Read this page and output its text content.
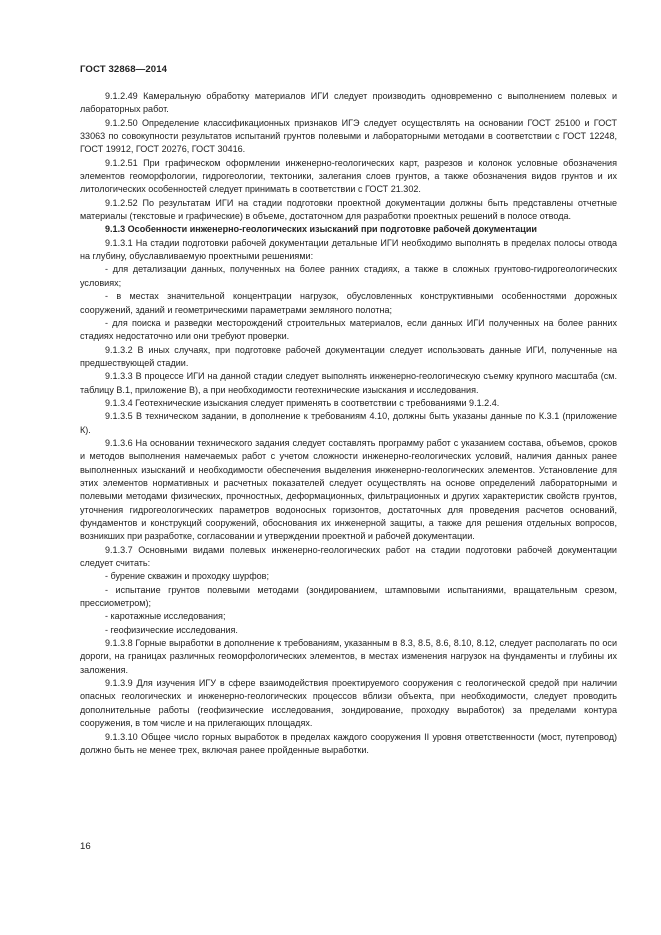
ГОСТ 32868—2014

9.1.2.49 Камеральную обработку материалов ИГИ следует производить одновременно с выполнением полевых и лабораторных работ.

9.1.2.50 Определение классификационных признаков ИГЭ следует осуществлять на основании ГОСТ 25100 и ГОСТ 33063 по совокупности результатов испытаний грунтов полевыми и лабораторными методами в соответствии с ГОСТ 12248, ГОСТ 19912, ГОСТ 20276, ГОСТ 30416.

9.1.2.51 При графическом оформлении инженерно-геологических карт, разрезов и колонок условные обозначения элементов геоморфологии, гидрогеологии, тектоники, залегания слоев грунтов, а также обозначения видов грунтов и их литологических особенностей следует принимать в соответствии с ГОСТ 21.302.

9.1.2.52 По результатам ИГИ на стадии подготовки проектной документации должны быть представлены отчетные материалы (текстовые и графические) в объеме, достаточном для разработки проектных решений в полосе отвода.

9.1.3 Особенности инженерно-геологических изысканий при подготовке рабочей документации

9.1.3.1 На стадии подготовки рабочей документации детальные ИГИ необходимо выполнять в пределах полосы отвода на глубину, обуславливаемую проектными решениями:

- для детализации данных, полученных на более ранних стадиях, а также в сложных грунтово-гидрогеологических условиях;

- в местах значительной концентрации нагрузок, обусловленных конструктивными особенностями дорожных сооружений, зданий и геометрическими параметрами земляного полотна;

- для поиска и разведки месторождений строительных материалов, если данных ИГИ полученных на более ранних стадиях недостаточно или они требуют проверки.

9.1.3.2 В иных случаях, при подготовке рабочей документации следует использовать данные ИГИ, полученные на предшествующей стадии.

9.1.3.3 В процессе ИГИ на данной стадии следует выполнять инженерно-геологическую съемку крупного масштаба (см. таблицу В.1, приложение В), а при необходимости геотехнические изыскания и исследования.

9.1.3.4 Геотехнические изыскания следует применять в соответствии с требованиями 9.1.2.4.

9.1.3.5 В техническом задании, в дополнение к требованиям 4.10, должны быть указаны данные по К.3.1 (приложение К).

9.1.3.6 На основании технического задания следует составлять программу работ с указанием состава, объемов, сроков и методов выполнения намечаемых работ с учетом сложности инженерно-геологических условий, наличия данных ранее выполненных изысканий и необходимости обеспечения выделения инженерно-геологических элементов. Установление для этих элементов нормативных и расчетных показателей следует осуществлять на основе определений лабораторными и полевыми методами физических, прочностных, деформационных, фильтрационных и других характеристик свойств грунтов, уточнения гидрогеологических параметров водоносных горизонтов, достаточных для проведения расчетов оснований, фундаментов и конструкций сооружений, обоснования их инженерной защиты, а также для решения отдельных вопросов, возникших при разработке, согласовании и утверждении проектной и рабочей документации.

9.1.3.7 Основными видами полевых инженерно-геологических работ на стадии подготовки рабочей документации следует считать:

- бурение скважин и проходку шурфов;

- испытание грунтов полевыми методами (зондированием, штамповыми испытаниями, вращательным срезом, прессиометром);

- каротажные исследования;

- геофизические исследования.

9.1.3.8 Горные выработки в дополнение к требованиям, указанным в 8.3, 8.5, 8.6, 8.10, 8.12, следует располагать по оси дороги, на границах различных геоморфологических элементов, в местах изменения нагрузок на фундаменты и глубины их заложения.

9.1.3.9 Для изучения ИГУ в сфере взаимодействия проектируемого сооружения с геологической средой при наличии опасных геологических и инженерно-геологических процессов вблизи объекта, при необходимости, следует проводить дополнительные работы (геофизические исследования, зондирование, проходку выработок) за пределами контура сооружения, в том числе и на прилегающих площадях.

9.1.3.10 Общее число горных выработок в пределах каждого сооружения II уровня ответственности (мост, путепровод) должно быть не менее трех, включая ранее пройденные выработки.

16
